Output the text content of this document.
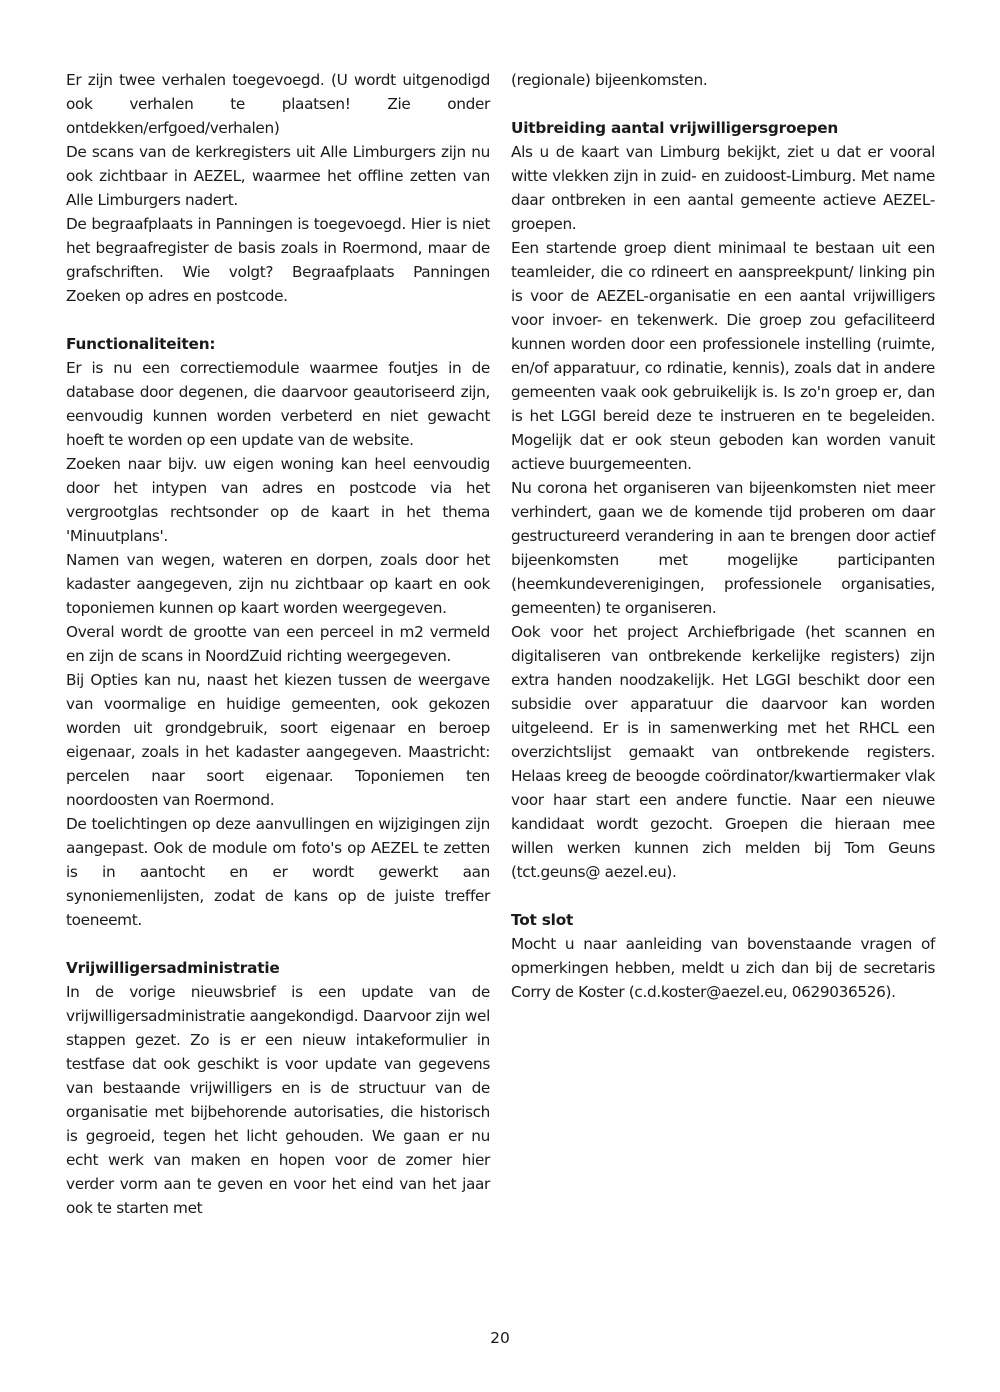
Er zijn twee verhalen toegevoegd. (U wordt uitgenodigd ook verhalen te plaatsen! Zie onder ontdekken/erfgoed/verhalen)

De scans van de kerkregisters uit Alle Limburgers zijn nu ook zichtbaar in AEZEL, waarmee het offline zetten van Alle Limburgers nadert.

De begraafplaats in Panningen is toegevoegd. Hier is niet het begraafregister de basis zoals in Roermond, maar de grafschriften. Wie volgt? Begraafplaats Panningen Zoeken op adres en postcode.

Functionaliteiten:

Er is nu een correctiemodule waarmee foutjes in de database door degenen, die daarvoor geautoriseerd zijn, eenvoudig kunnen worden verbeterd en niet gewacht hoeft te worden op een update van de website.

Zoeken naar bijv. uw eigen woning kan heel eenvoudig door het intypen van adres en postcode via het vergrootglas rechtsonder op de kaart in het thema 'Minuutplans'.

Namen van wegen, wateren en dorpen, zoals door het kadaster aangegeven, zijn nu zichtbaar op kaart en ook toponiemen kunnen op kaart worden weergegeven.

Overal wordt de grootte van een perceel in m2 vermeld en zijn de scans in NoordZuid richting weergegeven.

Bij Opties kan nu, naast het kiezen tussen de weergave van voormalige en huidige gemeenten, ook gekozen worden uit grondgebruik, soort eigenaar en beroep eigenaar, zoals in het kadaster aangegeven. Maastricht: percelen naar soort eigenaar. Toponiemen ten noordoosten van Roermond.

De toelichtingen op deze aanvullingen en wijzigingen zijn aangepast. Ook de module om foto's op AEZEL te zetten is in aantocht en er wordt gewerkt aan synoniemenlijsten, zodat de kans op de juiste treffer toeneemt.

Vrijwilligersadministratie

In de vorige nieuwsbrief is een update van de vrijwilligersadministratie aangekondigd. Daarvoor zijn wel stappen gezet. Zo is er een nieuw intakeformulier in testfase dat ook geschikt is voor update van gegevens van bestaande vrijwilligers en is de structuur van de organisatie met bijbehorende autorisaties, die historisch is gegroeid, tegen het licht gehouden. We gaan er nu echt werk van maken en hopen voor de zomer hier verder vorm aan te geven en voor het eind van het jaar ook te starten met

(regionale) bijeenkomsten.

Uitbreiding aantal vrijwilligersgroepen

Als u de kaart van Limburg bekijkt, ziet u dat er vooral witte vlekken zijn in zuid- en zuidoost-Limburg. Met name daar ontbreken in een aantal gemeente actieve AEZEL-groepen.

Een startende groep dient minimaal te bestaan uit een teamleider, die co rdineert en aanspreekpunt/ linking pin is voor de AEZEL-organisatie en een aantal vrijwilligers voor invoer- en tekenwerk. Die groep zou gefaciliteerd kunnen worden door een professionele instelling (ruimte, en/of apparatuur, co rdinatie, kennis), zoals dat in andere gemeenten vaak ook gebruikelijk is. Is zo'n groep er, dan is het LGGI bereid deze te instrueren en te begeleiden. Mogelijk dat er ook steun geboden kan worden vanuit actieve buurgemeenten.

Nu corona het organiseren van bijeenkomsten niet meer verhindert, gaan we de komende tijd proberen om daar gestructureerd verandering in aan te brengen door actief bijeenkomsten met mogelijke participanten (heemkundeverenigingen, professionele organisaties, gemeenten) te organiseren.

Ook voor het project Archiefbrigade (het scannen en digitaliseren van ontbrekende kerkelijke registers) zijn extra handen noodzakelijk. Het LGGI beschikt door een subsidie over apparatuur die daarvoor kan worden uitgeleend. Er is in samenwerking met het RHCL een overzichtslijst gemaakt van ontbrekende registers. Helaas kreeg de beoogde coördinator/kwartiermaker vlak voor haar start een andere functie. Naar een nieuwe kandidaat wordt gezocht. Groepen die hieraan mee willen werken kunnen zich melden bij Tom Geuns (tct.geuns@ aezel.eu).

Tot slot

Mocht u naar aanleiding van bovenstaande vragen of opmerkingen hebben, meldt u zich dan bij de secretaris Corry de Koster (c.d.koster@aezel.eu, 0629036526).

20
